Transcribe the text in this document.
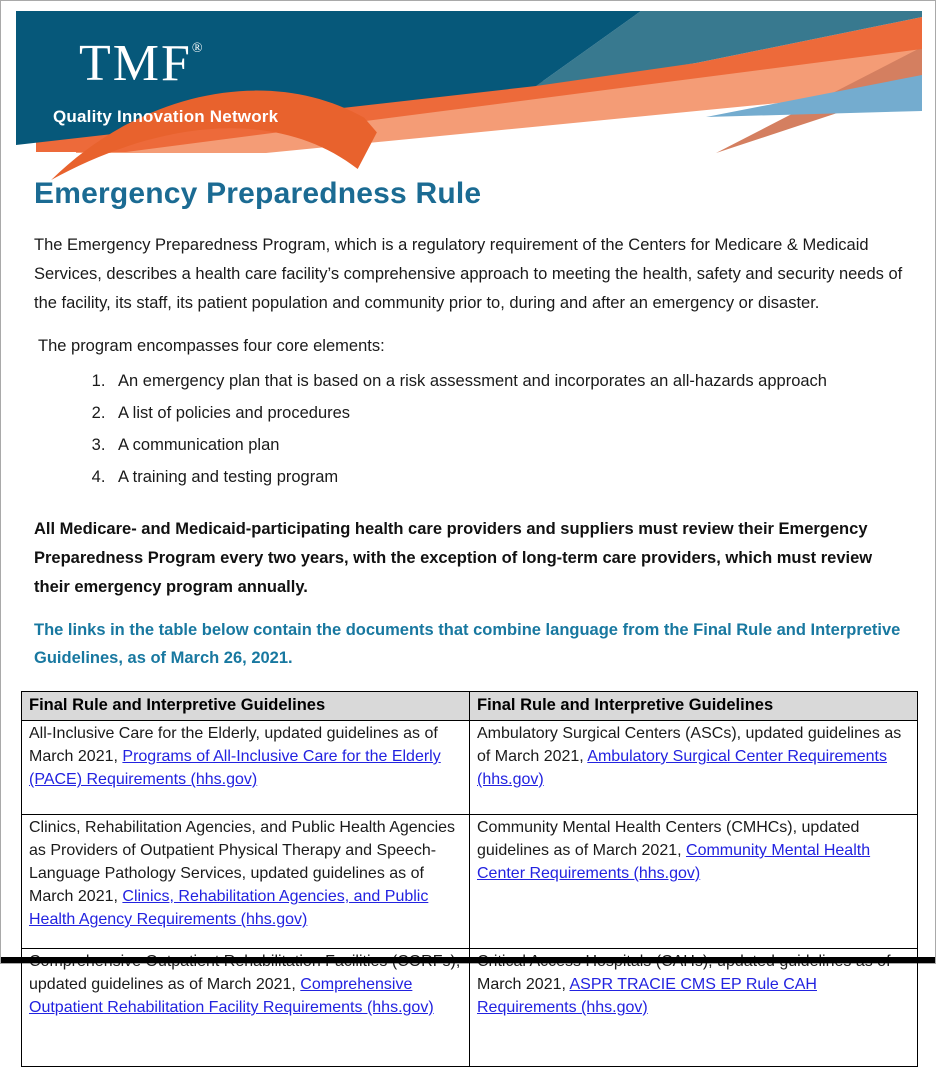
TMF®
Quality Innovation Network
Emergency Preparedness Rule

The Emergency Preparedness Program, which is a regulatory requirement of the Centers for Medicare & Medicaid Services, describes a health care facility’s comprehensive approach to meeting the health, safety and security needs of the facility, its staff, its patient population and community prior to, during and after an emergency or disaster.

The program encompasses four core elements:

1. An emergency plan that is based on a risk assessment and incorporates an all-hazards approach
2. A list of policies and procedures
3. A communication plan
4. A training and testing program

All Medicare- and Medicaid-participating health care providers and suppliers must review their Emergency Preparedness Program every two years, with the exception of long-term care providers, which must review their emergency program annually.

The links in the table below contain the documents that combine language from the Final Rule and Interpretive Guidelines, as of March 26, 2021.

Final Rule and Interpretive Guidelines	Final Rule and Interpretive Guidelines
All-Inclusive Care for the Elderly, updated guidelines as of March 2021, Programs of All-Inclusive Care for the Elderly (PACE) Requirements (hhs.gov)	Ambulatory Surgical Centers (ASCs), updated guidelines as of March 2021, Ambulatory Surgical Center Requirements (hhs.gov)
Clinics, Rehabilitation Agencies, and Public Health Agencies as Providers of Outpatient Physical Therapy and Speech-Language Pathology Services, updated guidelines as of March 2021, Clinics, Rehabilitation Agencies, and Public Health Agency Requirements (hhs.gov)	Community Mental Health Centers (CMHCs), updated guidelines as of March 2021, Community Mental Health Center Requirements (hhs.gov)
updated guidelines as of March 2021, Comprehensive Outpatient Rehabilitation Facility Requirements (hhs.gov)	March 2021, ASPR TRACIE CMS EP Rule CAH Requirements (hhs.gov)
